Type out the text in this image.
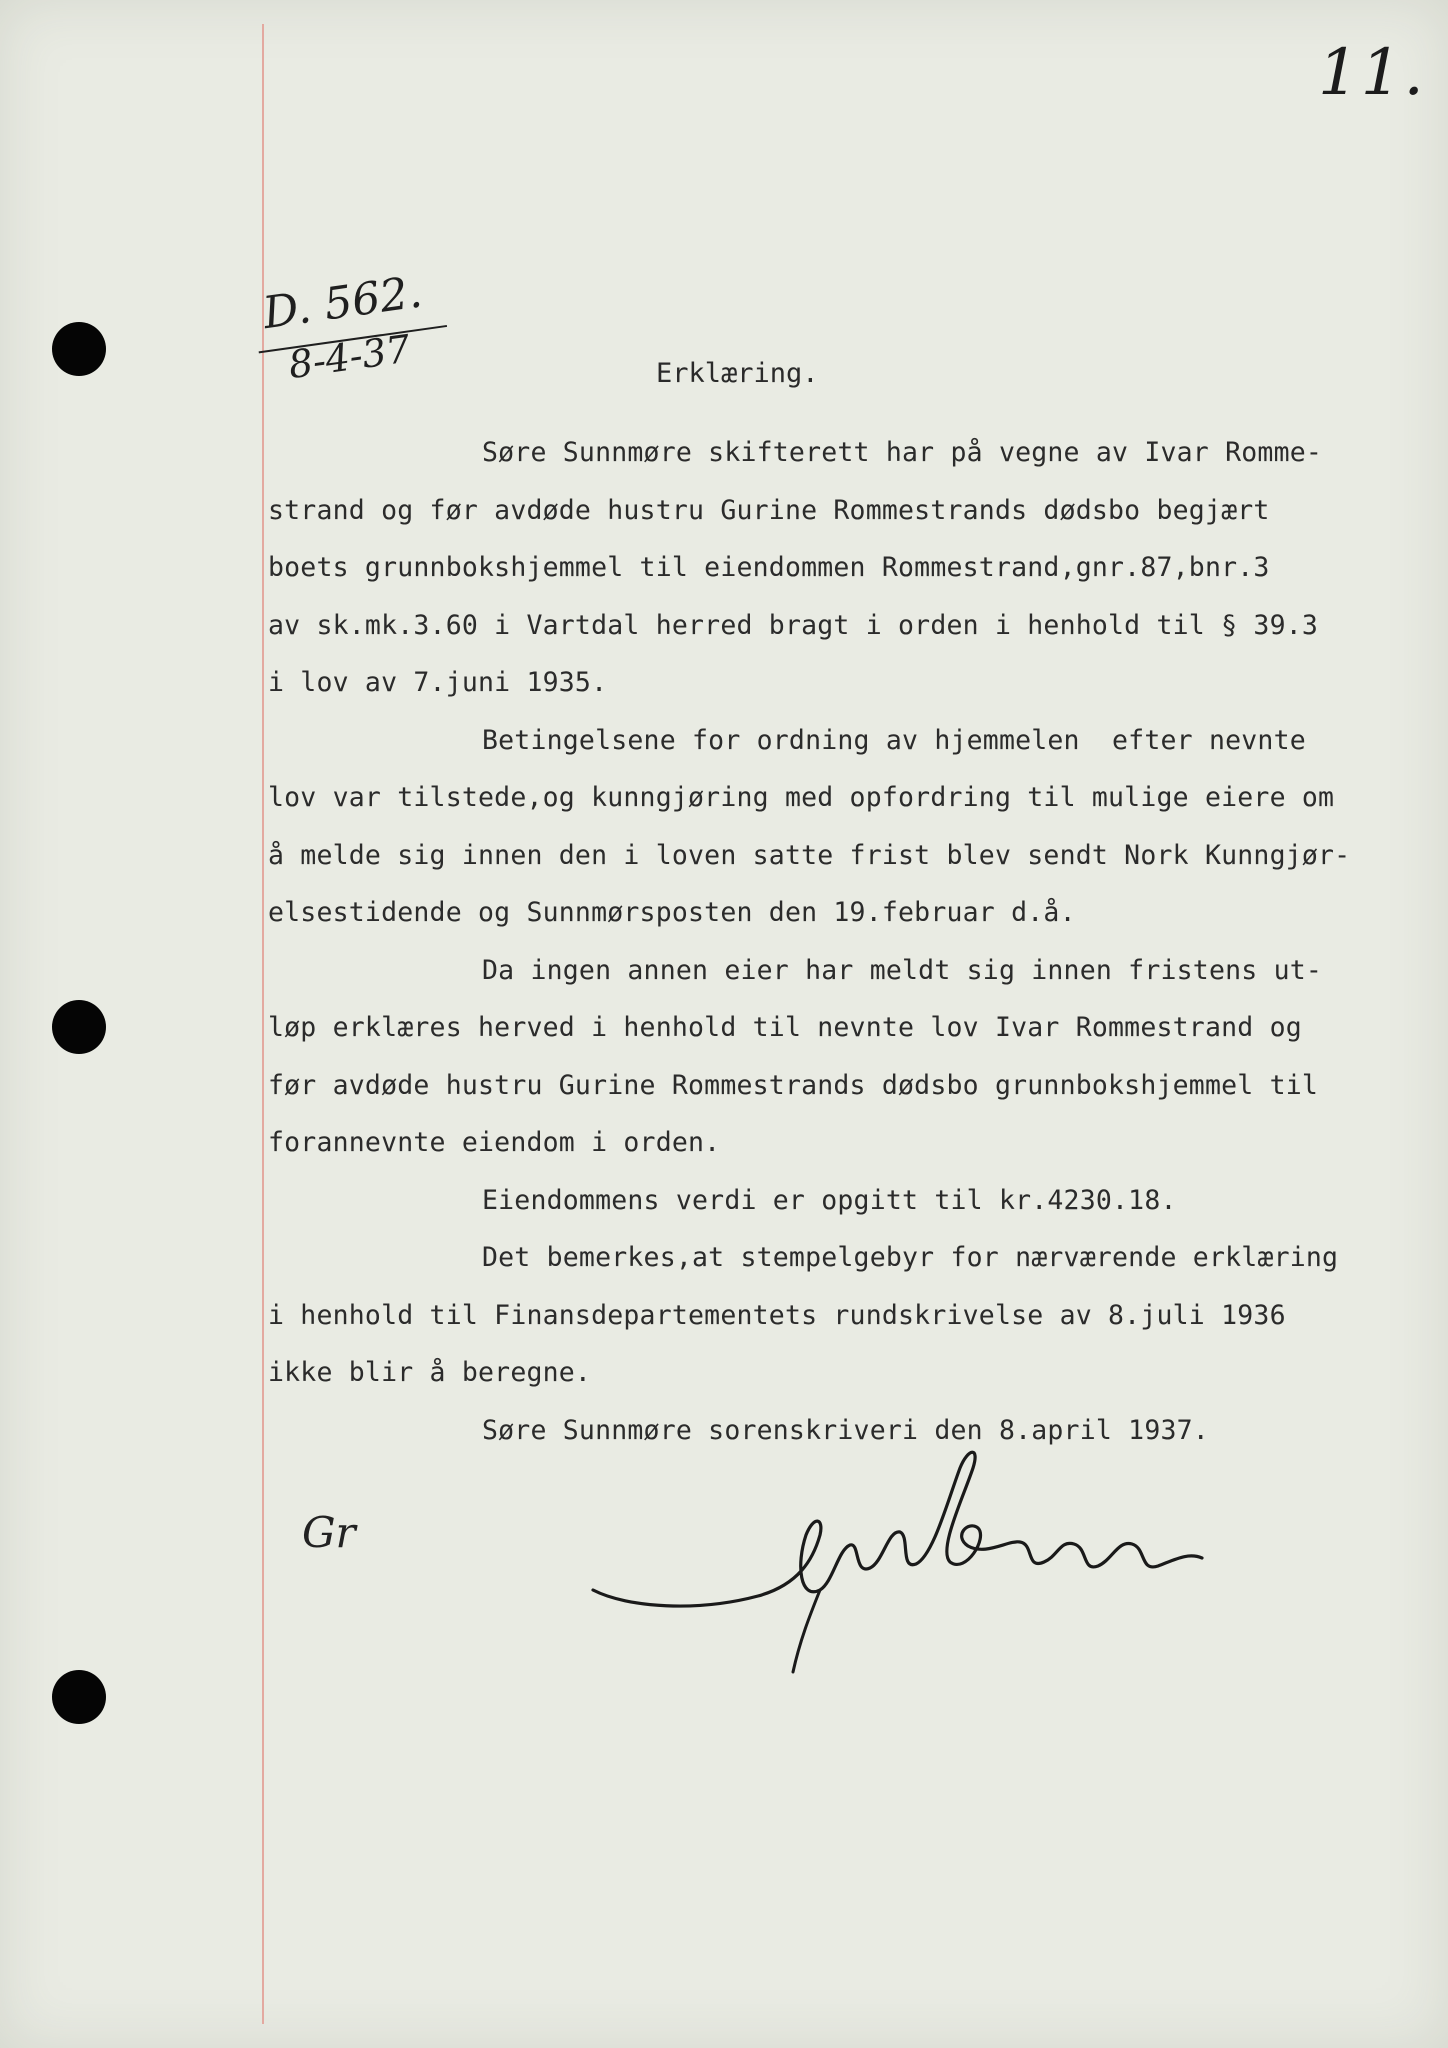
11.
D. 562.
8-4-37	Erklæring.

Søre Sunnmøre skifterett har på vegne av Ivar Romme-

strand og før avdøde hustru Gurine Rommestrands dødsbo begjært

boets grunnbokshjemmel til eiendommen Rommestrand,gnr.87,bnr.3

av sk.mk.3.60 i Vartdal herred bragt i orden i henhold til § 39.3

i lov av 7.juni 1935.

Betingelsene for ordning av hjemmelen  efter nevnte

lov var tilstede,og kunngjøring med opfordring til mulige eiere om

å melde sig innen den i loven satte frist blev sendt Nork Kunngjør-

elsestidende og Sunnmørsposten den 19.februar d.å.

Da ingen annen eier har meldt sig innen fristens ut-

løp erklæres herved i henhold til nevnte lov Ivar Rommestrand og

før avdøde hustru Gurine Rommestrands dødsbo grunnbokshjemmel til

forannevnte eiendom i orden.

Eiendommens verdi er opgitt til kr.4230.18.

Det bemerkes,at stempelgebyr for nærværende erklæring

i henhold til Finansdepartementets rundskrivelse av 8.juli 1936

ikke blir å beregne.

Søre Sunnmøre sorenskriveri den 8.april 1937.

Gr
